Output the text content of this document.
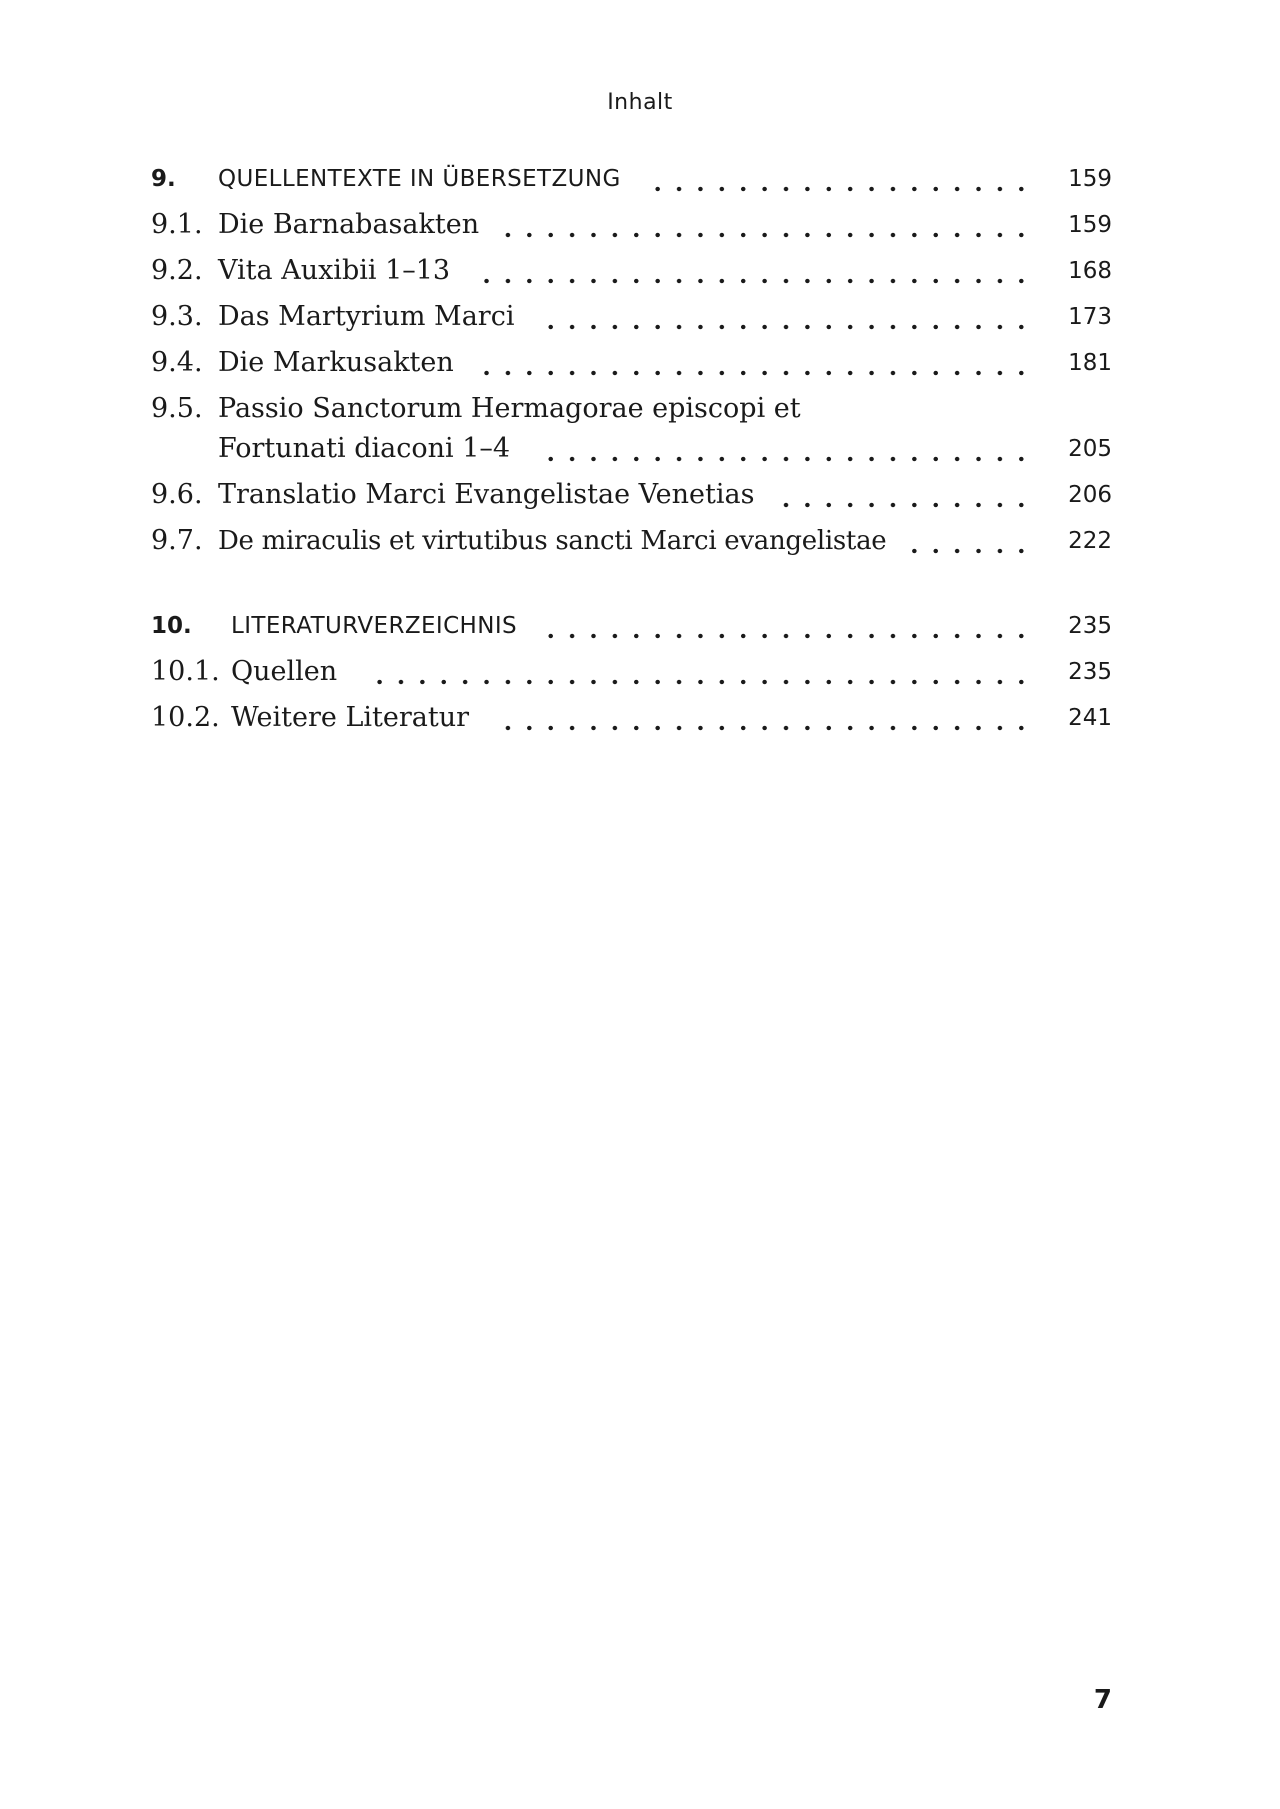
Inhalt
9. QUELLENTEXTE IN ÜBERSETZUNG	159
9.1. Die Barnabasakten	159
9.2. Vita Auxibii 1–13	168
9.3. Das Martyrium Marci	173
9.4. Die Markusakten	181
9.5. Passio Sanctorum Hermagorae episcopi et
Fortunati diaconi 1–4	205
9.6. Translatio Marci Evangelistae Venetias	206
9.7. De miraculis et virtutibus sancti Marci evangelistae	222
10. LITERATURVERZEICHNIS	235
10.1. Quellen	235
10.2. Weitere Literatur	241
7
